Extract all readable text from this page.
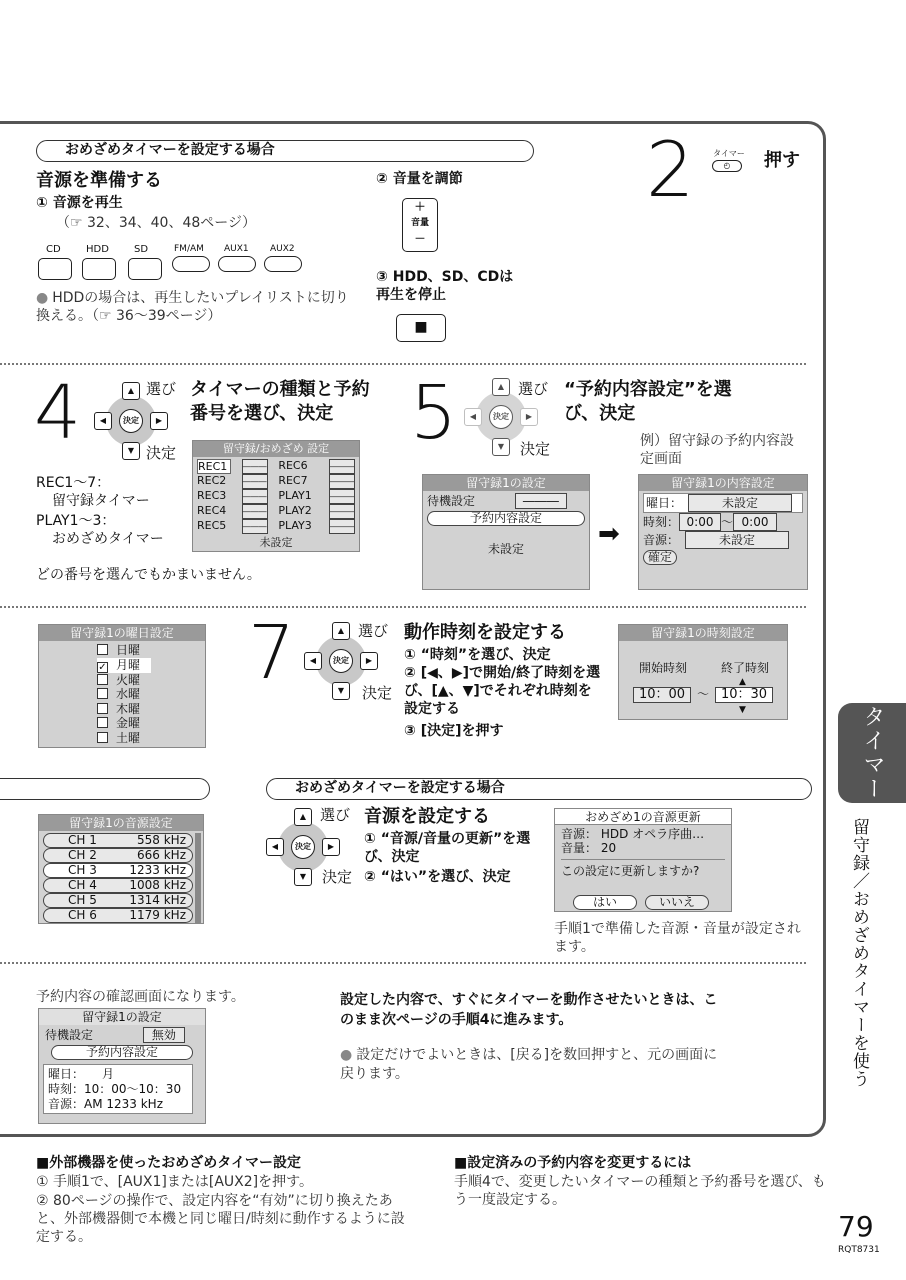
おめざめタイマーを設定する場合
音源を準備する
① 音源を再生
（☞ 32、34、40、48ページ）
CD	HDD	SD	FM/AM AUX1 AUX2
● HDDの場合は、再生したいプレイリストに切り換える。（☞ 36～39ページ）
② 音量を調節
＋
音量
－
③ HDD、SD、CDは再生を停止
■
2 タイマー
◴	押す
4	▲
◀	▶
▼
決定
選び
決定
タイマーの種類と予約番号を選び、決定
留守録/おめざめ 設定
REC1	――― REC6	―――
REC2	――― REC7	―――
REC3	――― PLAY1	―――
REC4	――― PLAY2	―――
REC5	――― PLAY3	―――
未設定
REC1～7：
留守録タイマー
PLAY1～3：
おめざめタイマー
どの番号を選んでもかまいません。
5	▲
◀	▶
▼
決定
選び
決定
“予約内容設定”を選び、決定
例）留守録の予約内容設定画面
留守録1の設定
待機設定	―――
予約内容設定
未設定	➡
留守録1の内容設定
曜日：	未設定
時刻： 0:00 ～ 0:00
音源：	未設定
確定
留守録1の曜日設定
日曜
✓ 月曜
火曜
水曜
木曜
金曜
土曜
7	▲
◀	▶
▼
決定
選び
決定
動作時刻を設定する
① “時刻”を選び、決定
② [◀、▶]で開始/終了時刻を選び、[▲、▼]でそれぞれ時刻を設定する
③ [決定]を押す
留守録1の時刻設定
開始時刻	終了時刻
▲
10：00 ～ 10：30
▼
おめざめタイマーを設定する場合
留守録1の音源設定
CH 1	558 kHz
CH 2	666 kHz
CH 3	1233 kHz
CH 4	1008 kHz
CH 5	1314 kHz
CH 6	1179 kHz
▲
◀	▶
▼
決定
選び
決定
音源を設定する
① “音源/音量の更新”を選び、決定
② “はい”を選び、決定
おめざめ1の音源更新
音源： HDD オペラ序曲…
音量： 20
この設定に更新しますか?
はい	いいえ
手順1で準備した音源・音量が設定されます。
予約内容の確認画面になります。
留守録1の設定
待機設定	無効
予約内容設定
曜日：　　月
時刻：10：00～10：30
音源：AM 1233 kHz
設定した内容で、すぐにタイマーを動作させたいときは、このまま次ページの手順4に進みます。
● 設定だけでよいときは、[戻る]を数回押すと、元の画面に戻ります。
■外部機器を使ったおめざめタイマー設定
① 手順1で、[AUX1]または[AUX2]を押す。
② 80ページの操作で、設定内容を“有効”に切り換えたあと、外部機器側で本機と同じ曜日/時刻に動作するように設定する。
■設定済みの予約内容を変更するには
手順4で、変更したいタイマーの種類と予約番号を選び、もう一度設定する。
79
RQT8731
タイマー
留守録／おめざめタイマーを使う
